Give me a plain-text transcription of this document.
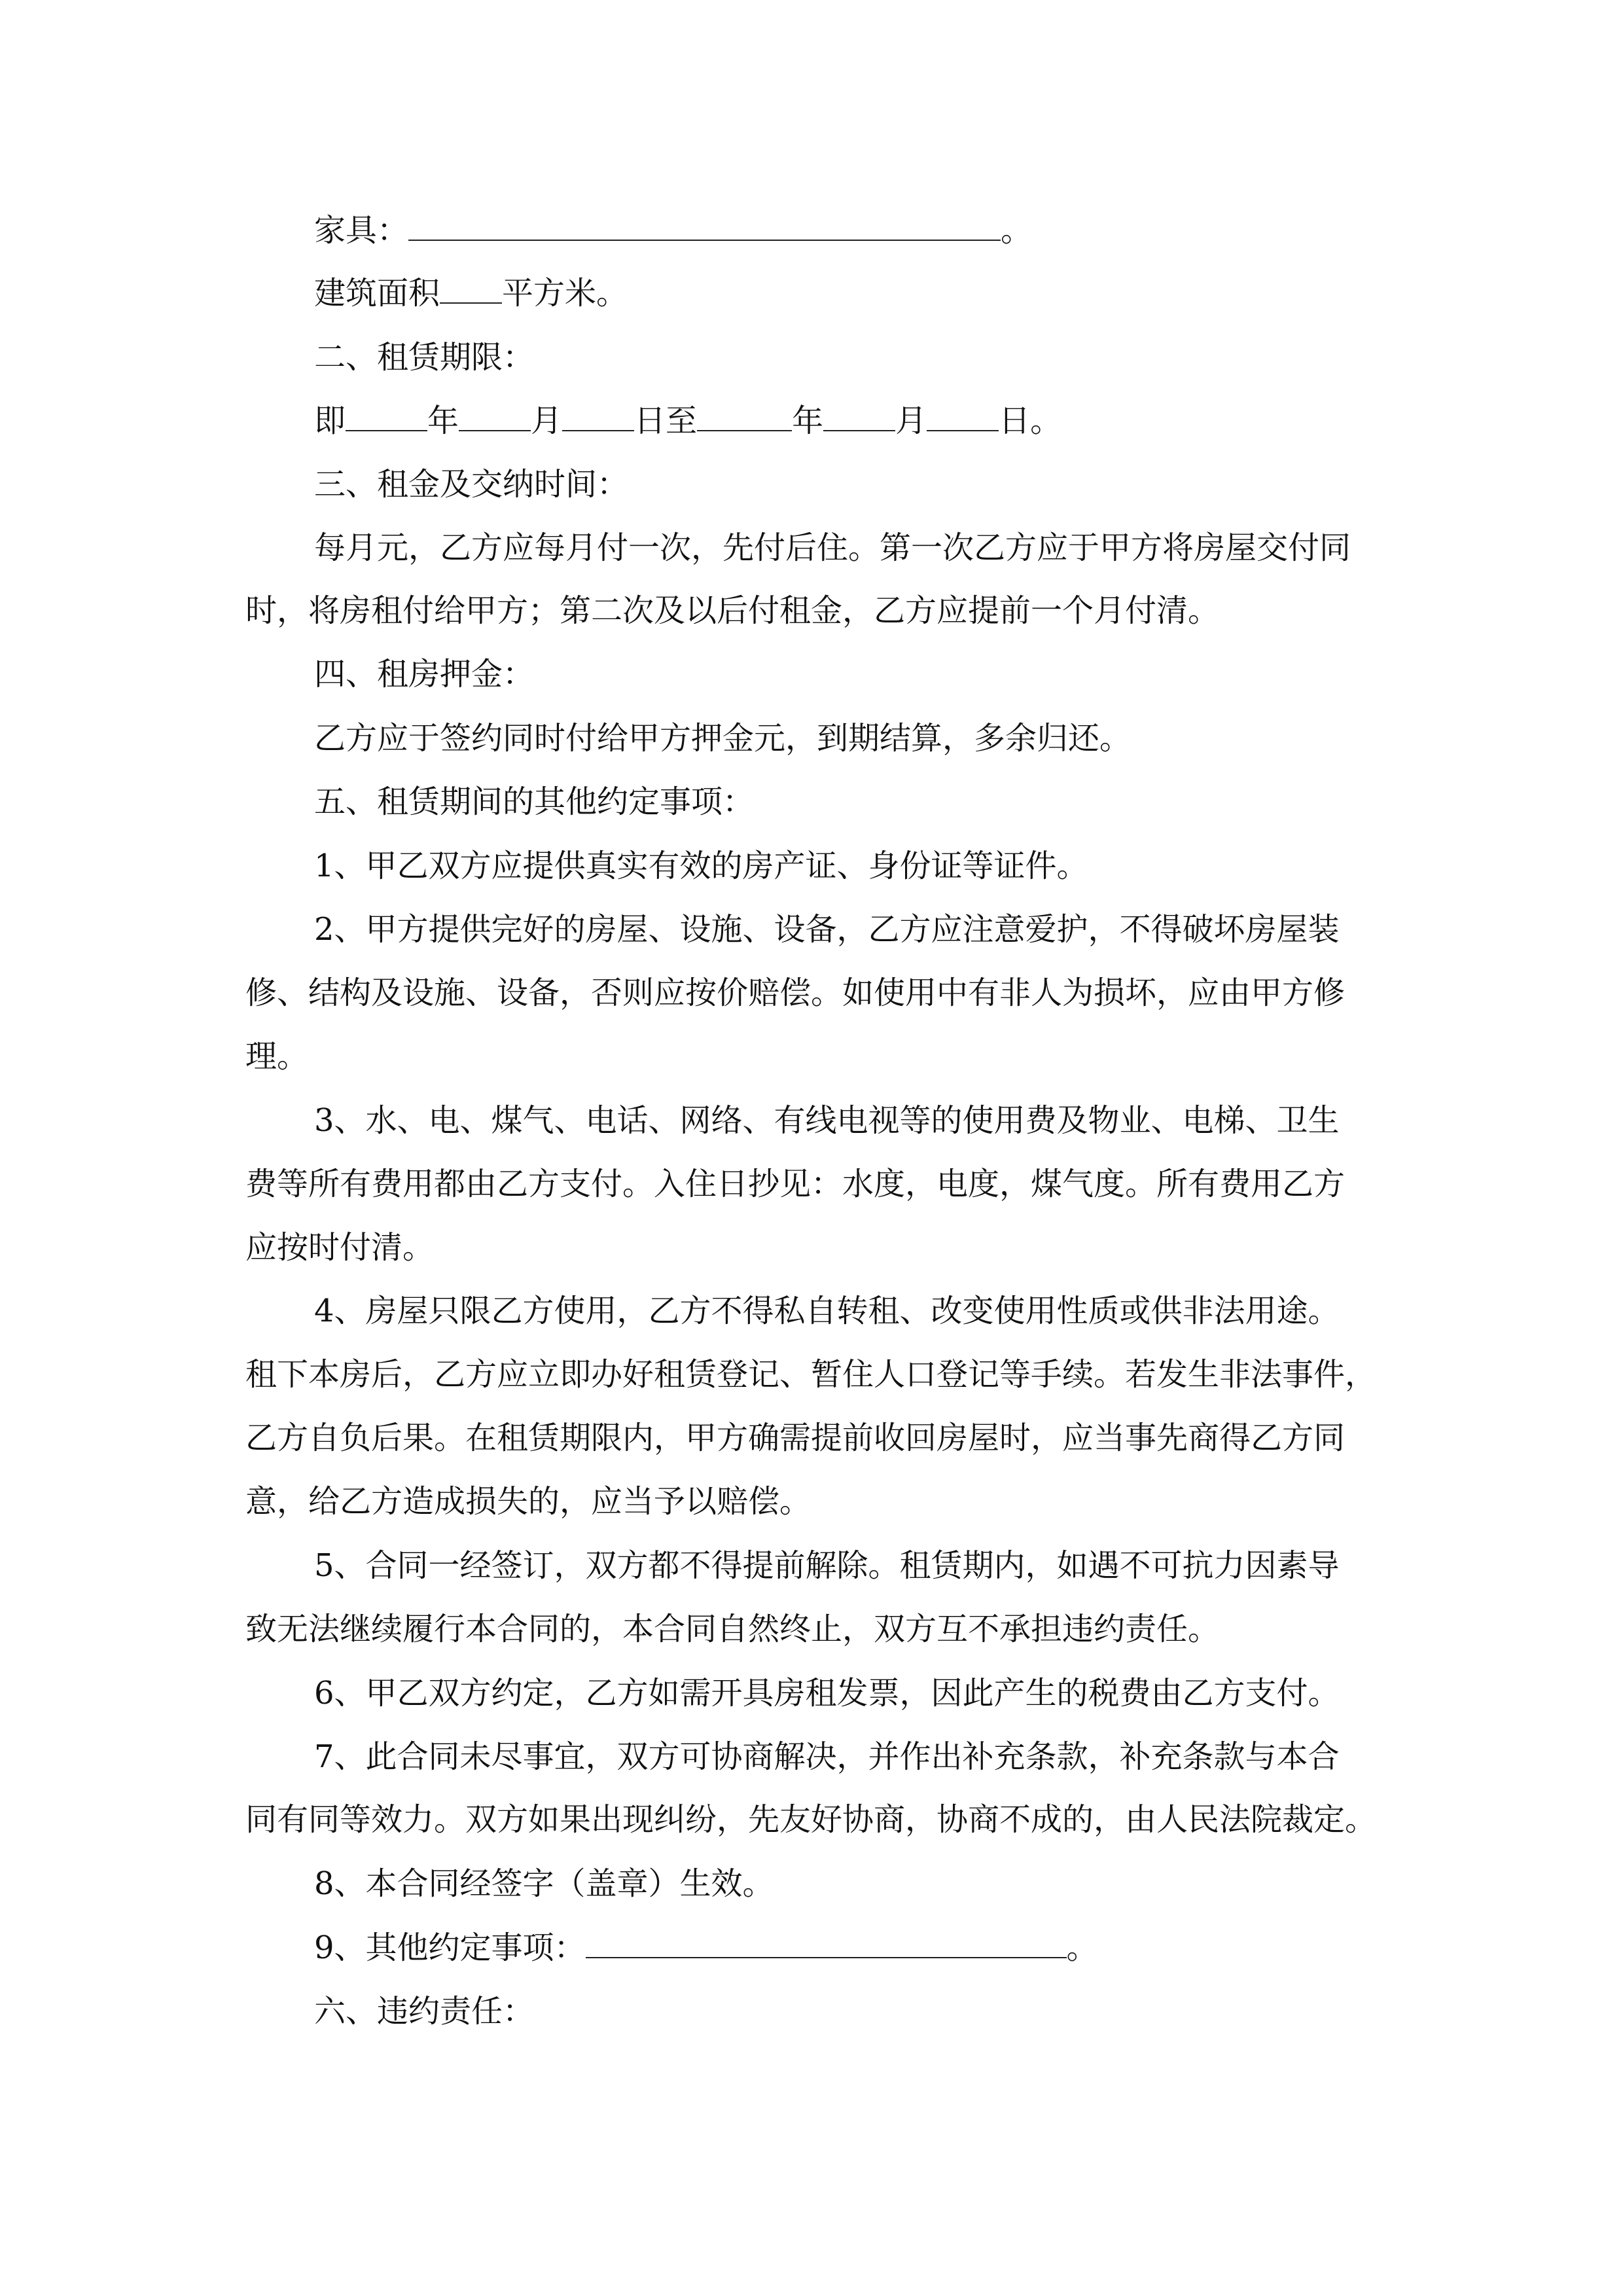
家具：	。
建筑面积 平方米。
二、租赁期限：
即	年 月 日至	年 月 日。
三、租金及交纳时间：
每月元，乙方应每月付一次，先付后住。第一次乙方应于甲方将房屋交付同
时，将房租付给甲方；第二次及以后付租金，乙方应提前一个月付清。
四、租房押金：
乙方应于签约同时付给甲方押金元，到期结算，多余归还。
五、租赁期间的其他约定事项：
1、甲乙双方应提供真实有效的房产证、身份证等证件。
2、甲方提供完好的房屋、设施、设备，乙方应注意爱护，不得破坏房屋装
修、结构及设施、设备，否则应按价赔偿。如使用中有非人为损坏，应由甲方修
理。
3、水、电、煤气、电话、网络、有线电视等的使用费及物业、电梯、卫生
费等所有费用都由乙方支付。入住日抄见：水度，电度，煤气度。所有费用乙方
应按时付清。
4、房屋只限乙方使用，乙方不得私自转租、改变使用性质或供非法用途。
租下本房后，乙方应立即办好租赁登记、暂住人口登记等手续。若发生非法事件，
乙方自负后果。在租赁期限内，甲方确需提前收回房屋时，应当事先商得乙方同
意，给乙方造成损失的，应当予以赔偿。
5、合同一经签订，双方都不得提前解除。租赁期内，如遇不可抗力因素导
致无法继续履行本合同的，本合同自然终止，双方互不承担违约责任。
6、甲乙双方约定，乙方如需开具房租发票，因此产生的税费由乙方支付。
7、此合同未尽事宜，双方可协商解决，并作出补充条款，补充条款与本合
同有同等效力。双方如果出现纠纷，先友好协商，协商不成的，由人民法院裁定。
8、本合同经签字（盖章）生效。
9、其他约定事项：	。
六、违约责任：
